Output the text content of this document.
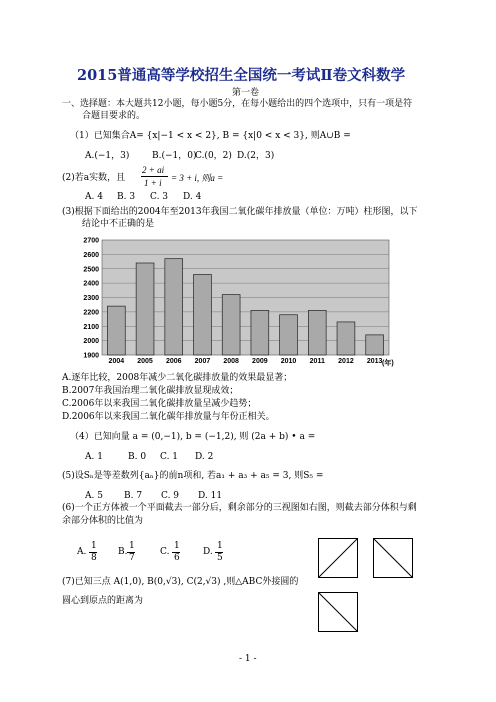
2015普通高等学校招生全国统一考试Ⅱ卷文科数学
第一卷
一、选择题：本大题共12小题，每小题5分，在每小题给出的四个选项中，只有一项是符
合题目要求的。
（1）已知集合A= {x|−1 < x < 2}, B = {x|0 < x < 3}, 则A∪B =
A.(−1，3)	B.(−1，0)
C.(0，2) D.(2，3)
(2)若a实数，且
2 + ai
1 + i = 3 + i, 则a =
A. 4 B. 3 C. 3 D. 4
(3)根据下面给出的2004年至2013年我国二氧化碳年排放量（单位：万吨）柱形图，以下
结论中不正确的是
2700
2600
2500
2400
2300
2200
2100
2000
1900
2004 2005 2006 2007 2008 2009 2010 2011 2012 2013 (年)
A.逐年比较，2008年减少二氧化碳排放量的效果最显著；
B.2007年我国治理二氧化碳排放显现成效；
C.2006年以来我国二氧化碳排放量呈减少趋势；
D.2006年以来我国二氧化碳年排放量与年份正相关。
（4）已知向量 a = (0,−1), b = (−1,2), 则 (2a + b) • a =
A. 1	B. 0 C. 1 D. 2
(5)设Sₙ是等差数列{aₙ}的前n项和, 若a₁ + a₃ + a₅ = 3, 则S₅ =
A. 5 B. 7 C. 9 D. 11
(6)一个正方体被一个平面截去一部分后，剩余部分的三视图如右图，则截去部分体积与剩
余部分体积的比值为
A.
1
8
B.
1
7
C.
1
6
D.
1
5
(7)已知三点 A(1,0), B(0,√3), C(2,√3) ,则△ABC外接圆的
圆心到原点的距离为
- 1 -
